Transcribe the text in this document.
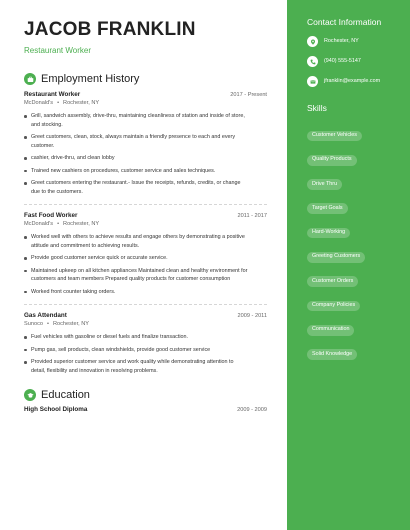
JACOB FRANKLIN
Restaurant Worker
Employment History
Restaurant Worker	2017 - Present
McDonald's • Rochester, NY
Grill, sandwich assembly, drive-thru, maintaining cleanliness of station and inside of store, and stocking.
Greet customers, clean, stock, always maintain a friendly presence to each and every customer.
cashier, drive-thru, and clean lobby
Trained new cashiers on procedures, customer service and sales techniques.
Greet customers entering the restaurant.- Issue the receipts, refunds, credits, or change due to the customers.
Fast Food Worker	2011 - 2017
McDonald's • Rochester, NY
Worked well with others to achieve results and engage others by demonstrating a positive attitude and commitment to achieving results.
Provide good customer service quick or accurate service.
Maintained upkeep on all kitchen appliances Maintained clean and healthy environment for customers and team members Prepared quality products for customer consumption
Worked front counter taking orders.
Gas Attendant	2009 - 2011
Sunoco • Rochester, NY
Fuel vehicles with gasoline or diesel fuels and finalize transaction.
Pump gas, sell products, clean windshields, provide good customer service
Provided superior customer service and work quality while demonstrating attention to detail, flexibility and innovation in resolving problems.
Education
High School Diploma	2009 - 2009
Contact Information
Rochester, NY
(940) 555-5147
jfranklin@example.com
Skills
Customer Vehicles
Quality Products
Drive Thru
Target Goals
Hard-Working
Greeting Customers
Customer Orders
Company Policies
Communication
Solid Knowledge
